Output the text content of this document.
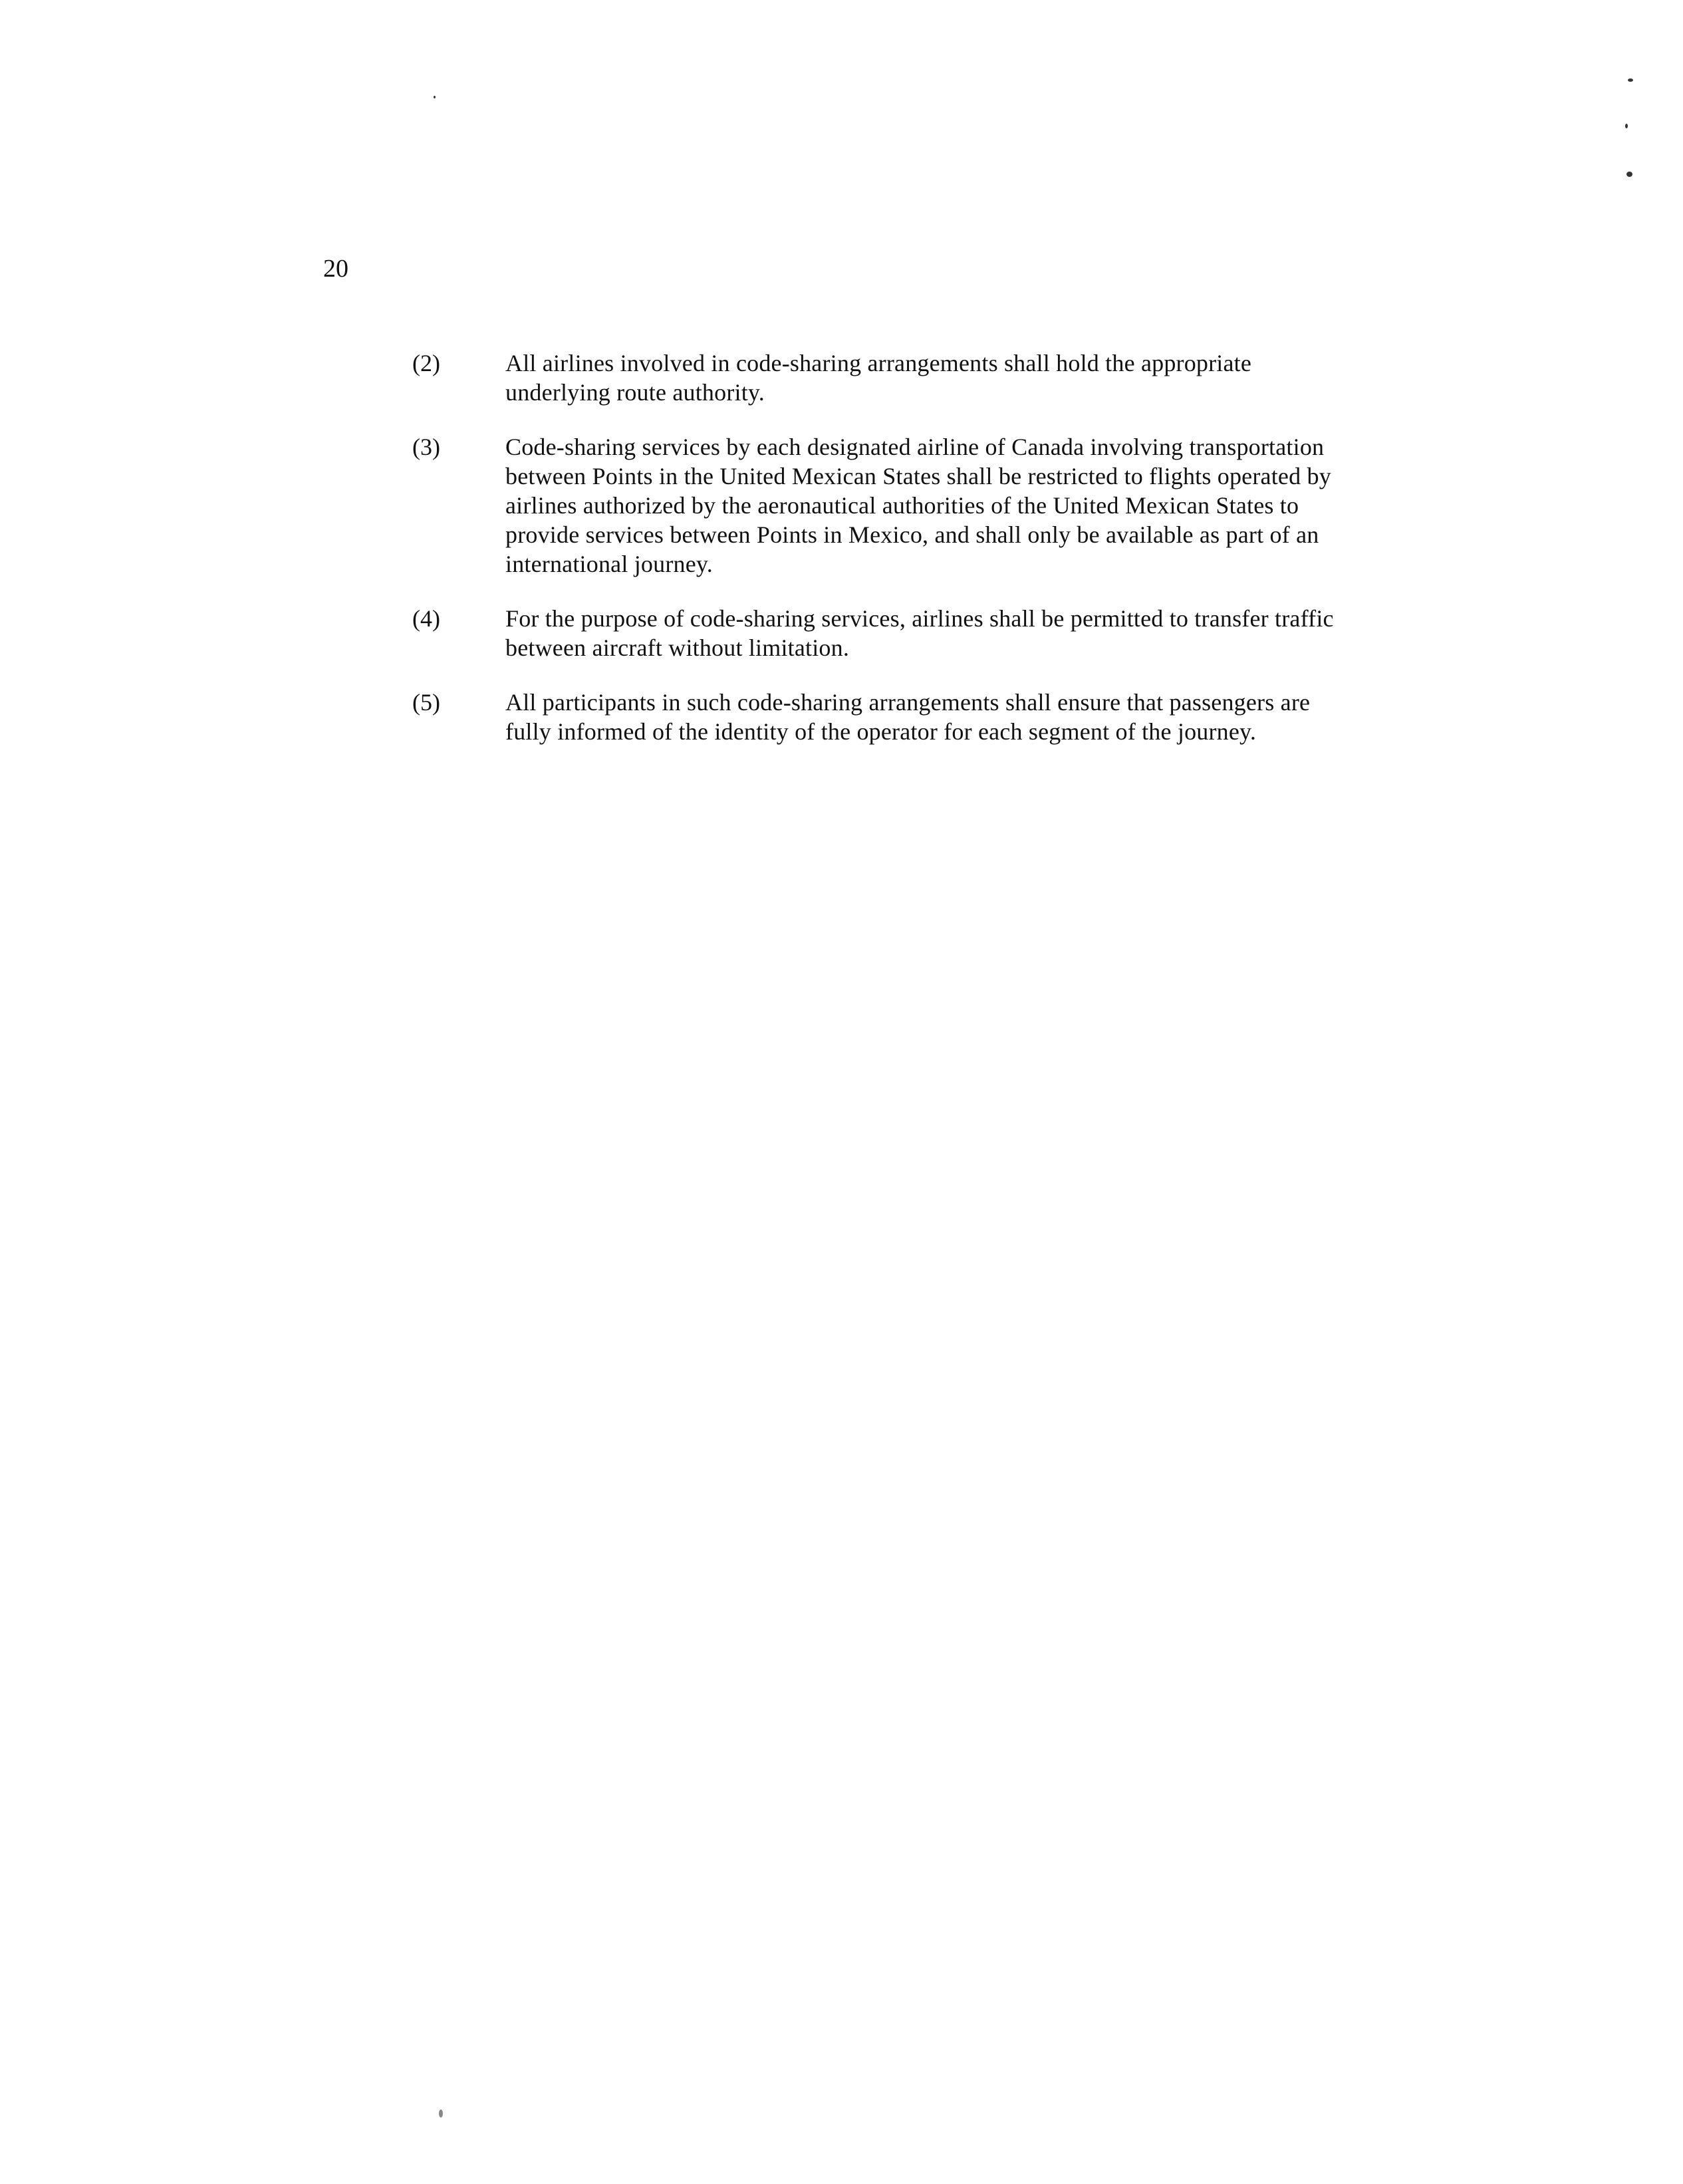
20
(2)	All airlines involved in code-sharing arrangements shall hold the appropriate underlying route authority.
(3)	Code-sharing services by each designated airline of Canada involving transportation between Points in the United Mexican States shall be restricted to flights operated by airlines authorized by the aeronautical authorities of the United Mexican States to provide services between Points in Mexico, and shall only be available as part of an international journey.
(4)	For the purpose of code-sharing services, airlines shall be permitted to transfer traffic between aircraft without limitation.
(5)	All participants in such code-sharing arrangements shall ensure that passengers are fully informed of the identity of the operator for each segment of the journey.
